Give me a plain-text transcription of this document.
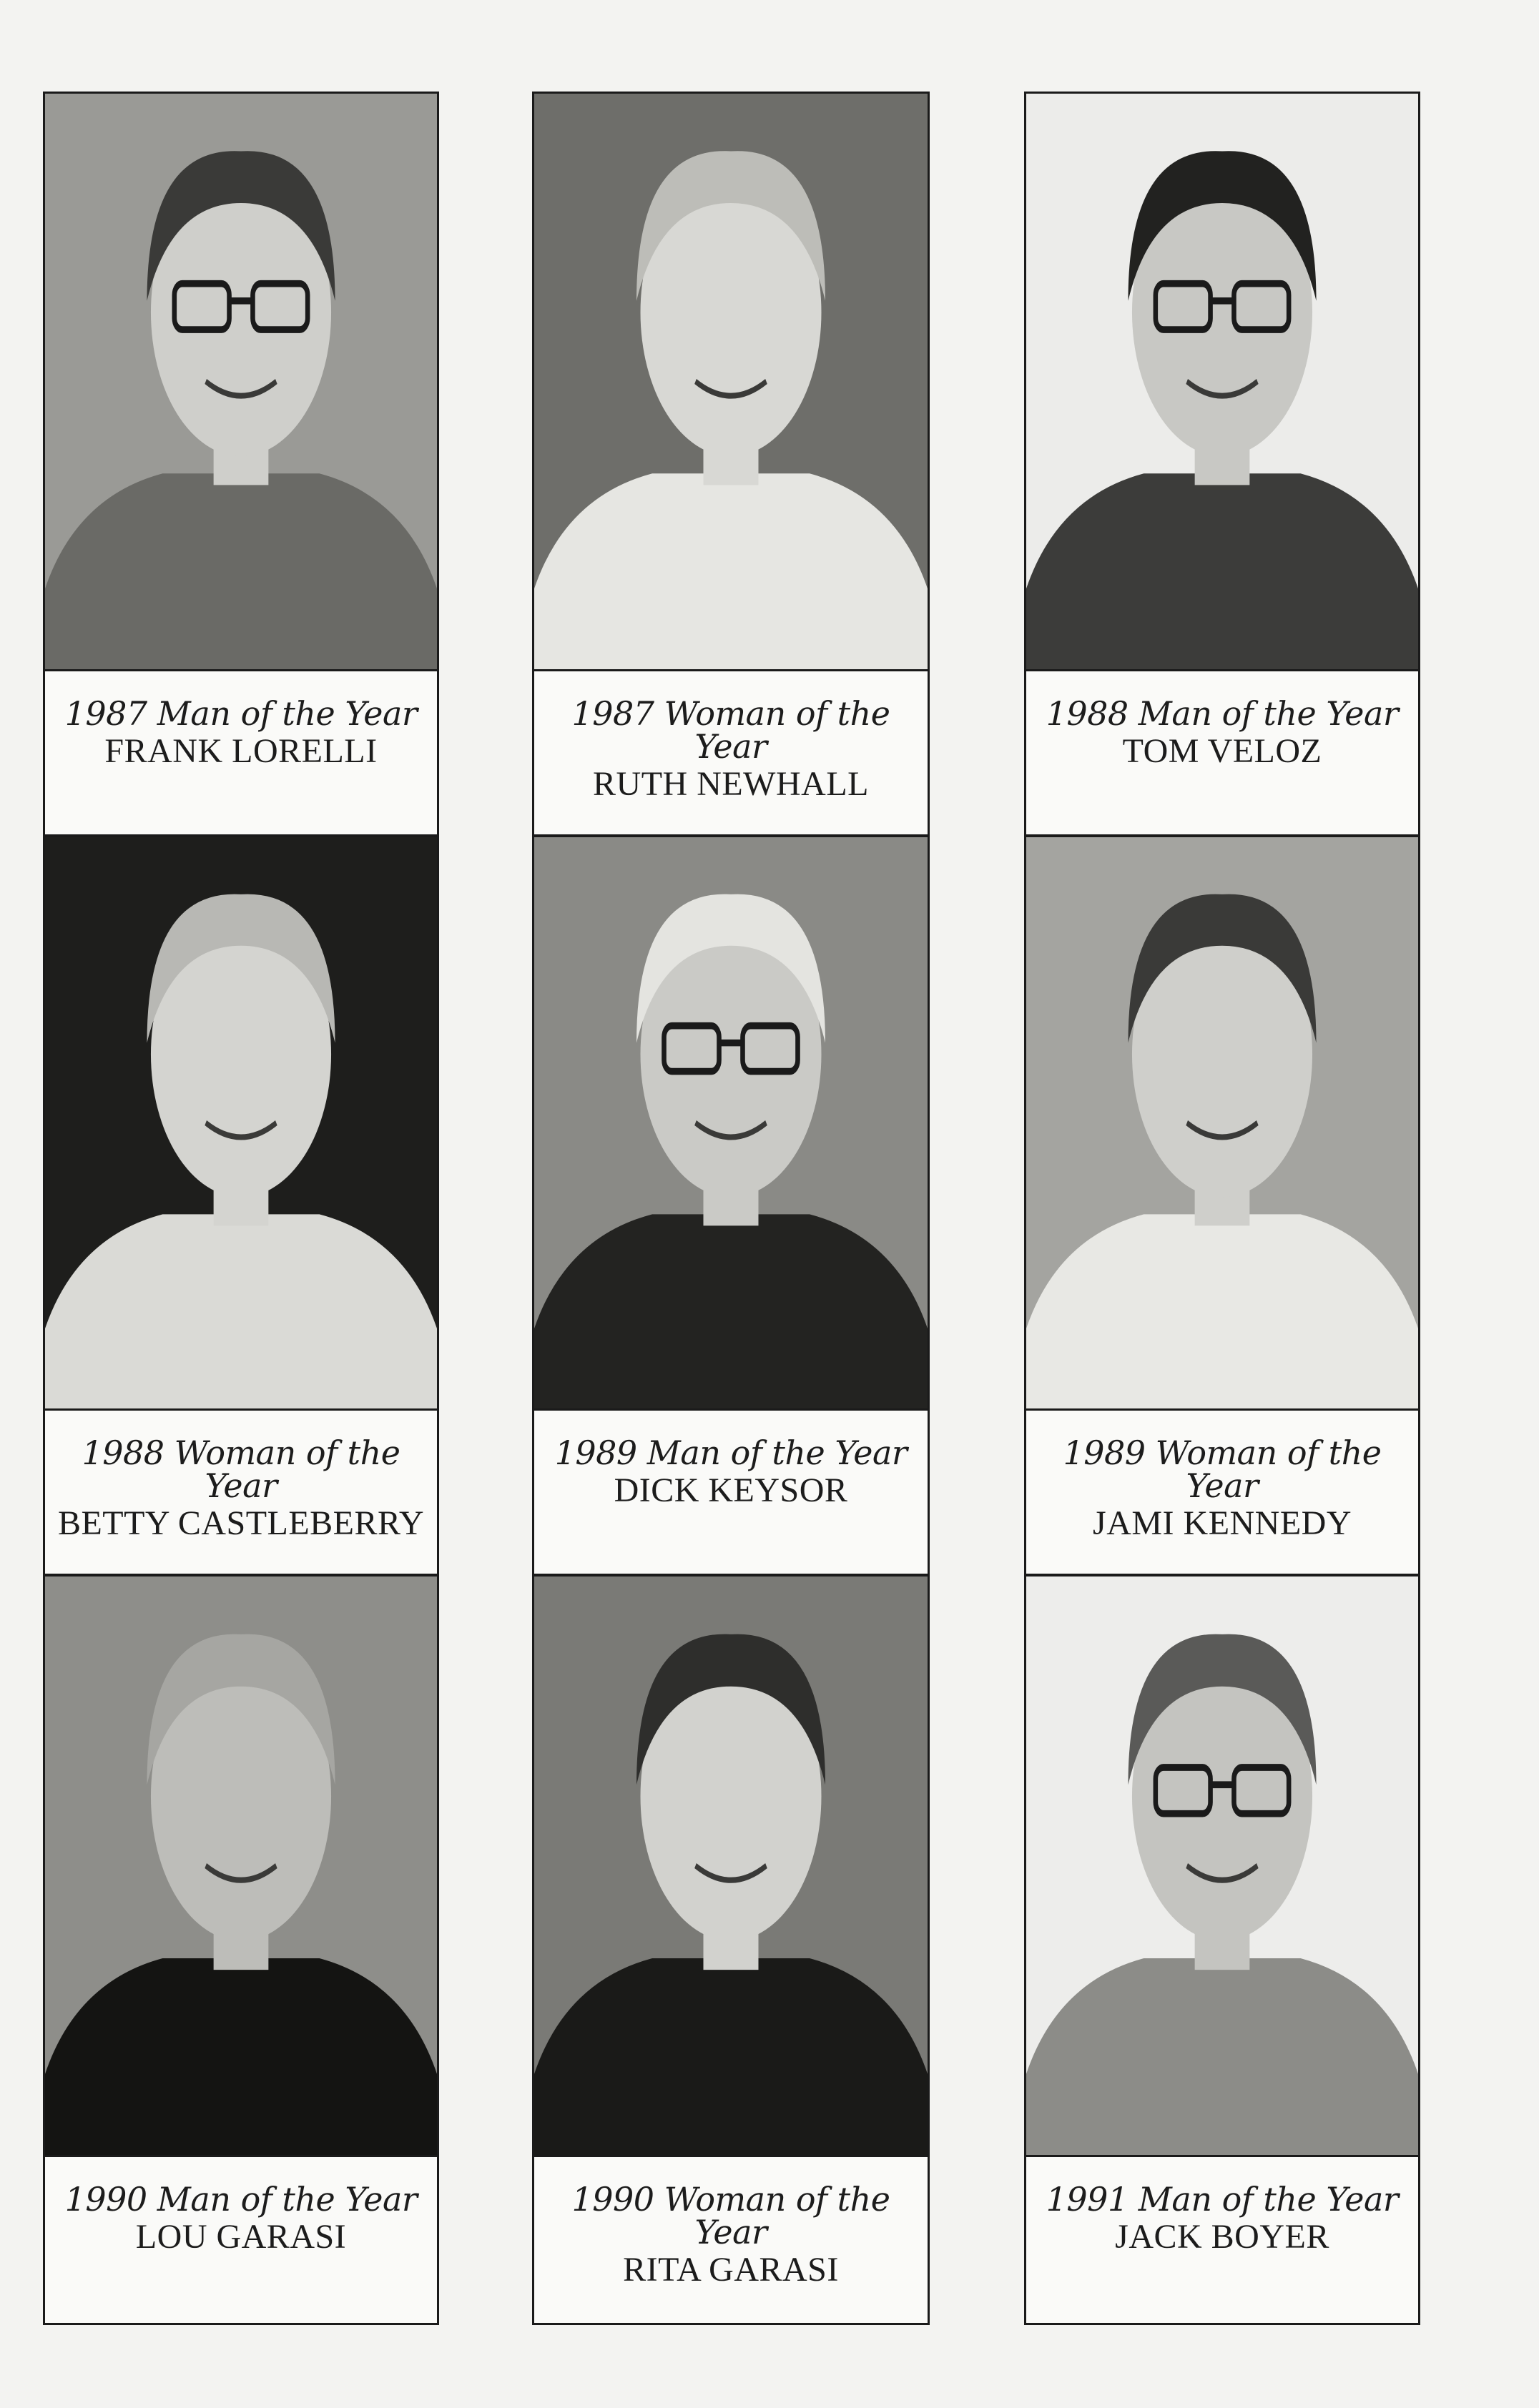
1987 Man of the Year
FRANK LORELLI
1987 Woman of the Year
RUTH NEWHALL
1988 Man of the Year
TOM VELOZ
1988 Woman of the Year
BETTY CASTLEBERRY
1989 Man of the Year
DICK KEYSOR
1989 Woman of the Year
JAMI KENNEDY
1990 Man of the Year
LOU GARASI
1990 Woman of the Year
RITA GARASI
1991 Man of the Year
JACK BOYER
